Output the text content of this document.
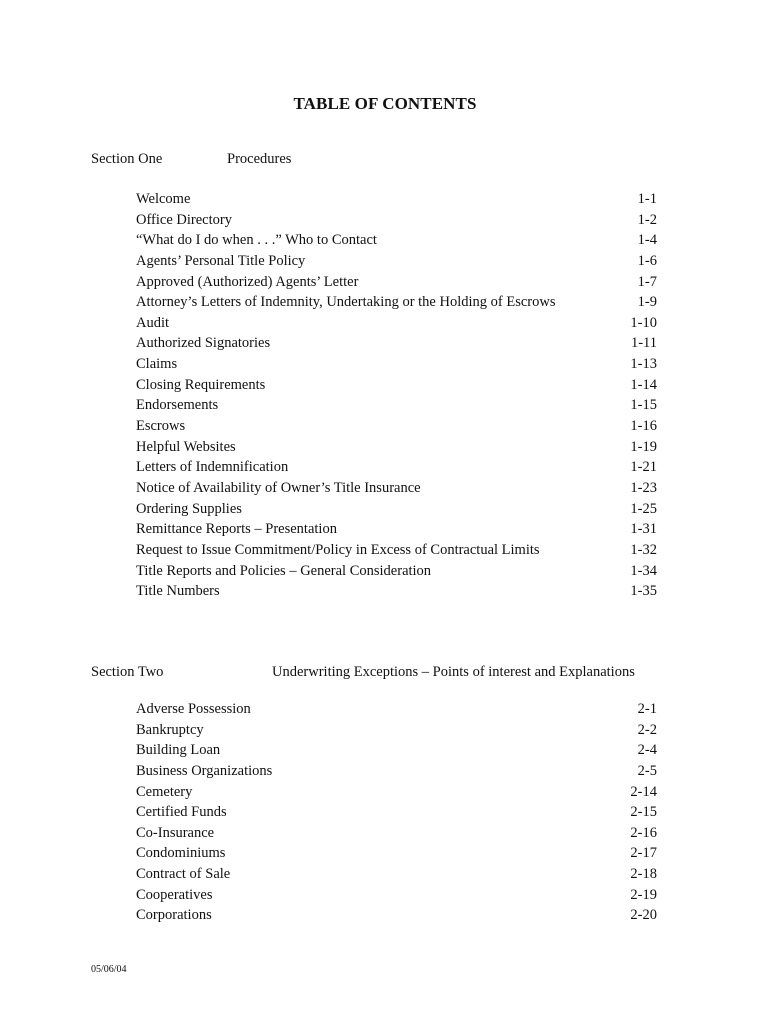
TABLE OF CONTENTS
Section One	Procedures
Welcome	1-1
Office Directory	1-2
“What do I do when . . .” Who to Contact	1-4
Agents’ Personal Title Policy	1-6
Approved (Authorized) Agents’ Letter	1-7
Attorney’s Letters of Indemnity, Undertaking or the Holding of Escrows	1-9
Audit	1-10
Authorized Signatories	1-11
Claims	1-13
Closing Requirements	1-14
Endorsements	1-15
Escrows	1-16
Helpful Websites	1-19
Letters of Indemnification	1-21
Notice of Availability of Owner’s Title Insurance	1-23
Ordering Supplies	1-25
Remittance Reports – Presentation	1-31
Request to Issue Commitment/Policy in Excess of Contractual Limits	1-32
Title Reports and Policies – General Consideration	1-34
Title Numbers	1-35
Section Two	Underwriting Exceptions – Points of interest and Explanations
Adverse Possession	2-1
Bankruptcy	2-2
Building Loan	2-4
Business Organizations	2-5
Cemetery	2-14
Certified Funds	2-15
Co-Insurance	2-16
Condominiums	2-17
Contract of Sale	2-18
Cooperatives	2-19
Corporations	2-20
05/06/04
